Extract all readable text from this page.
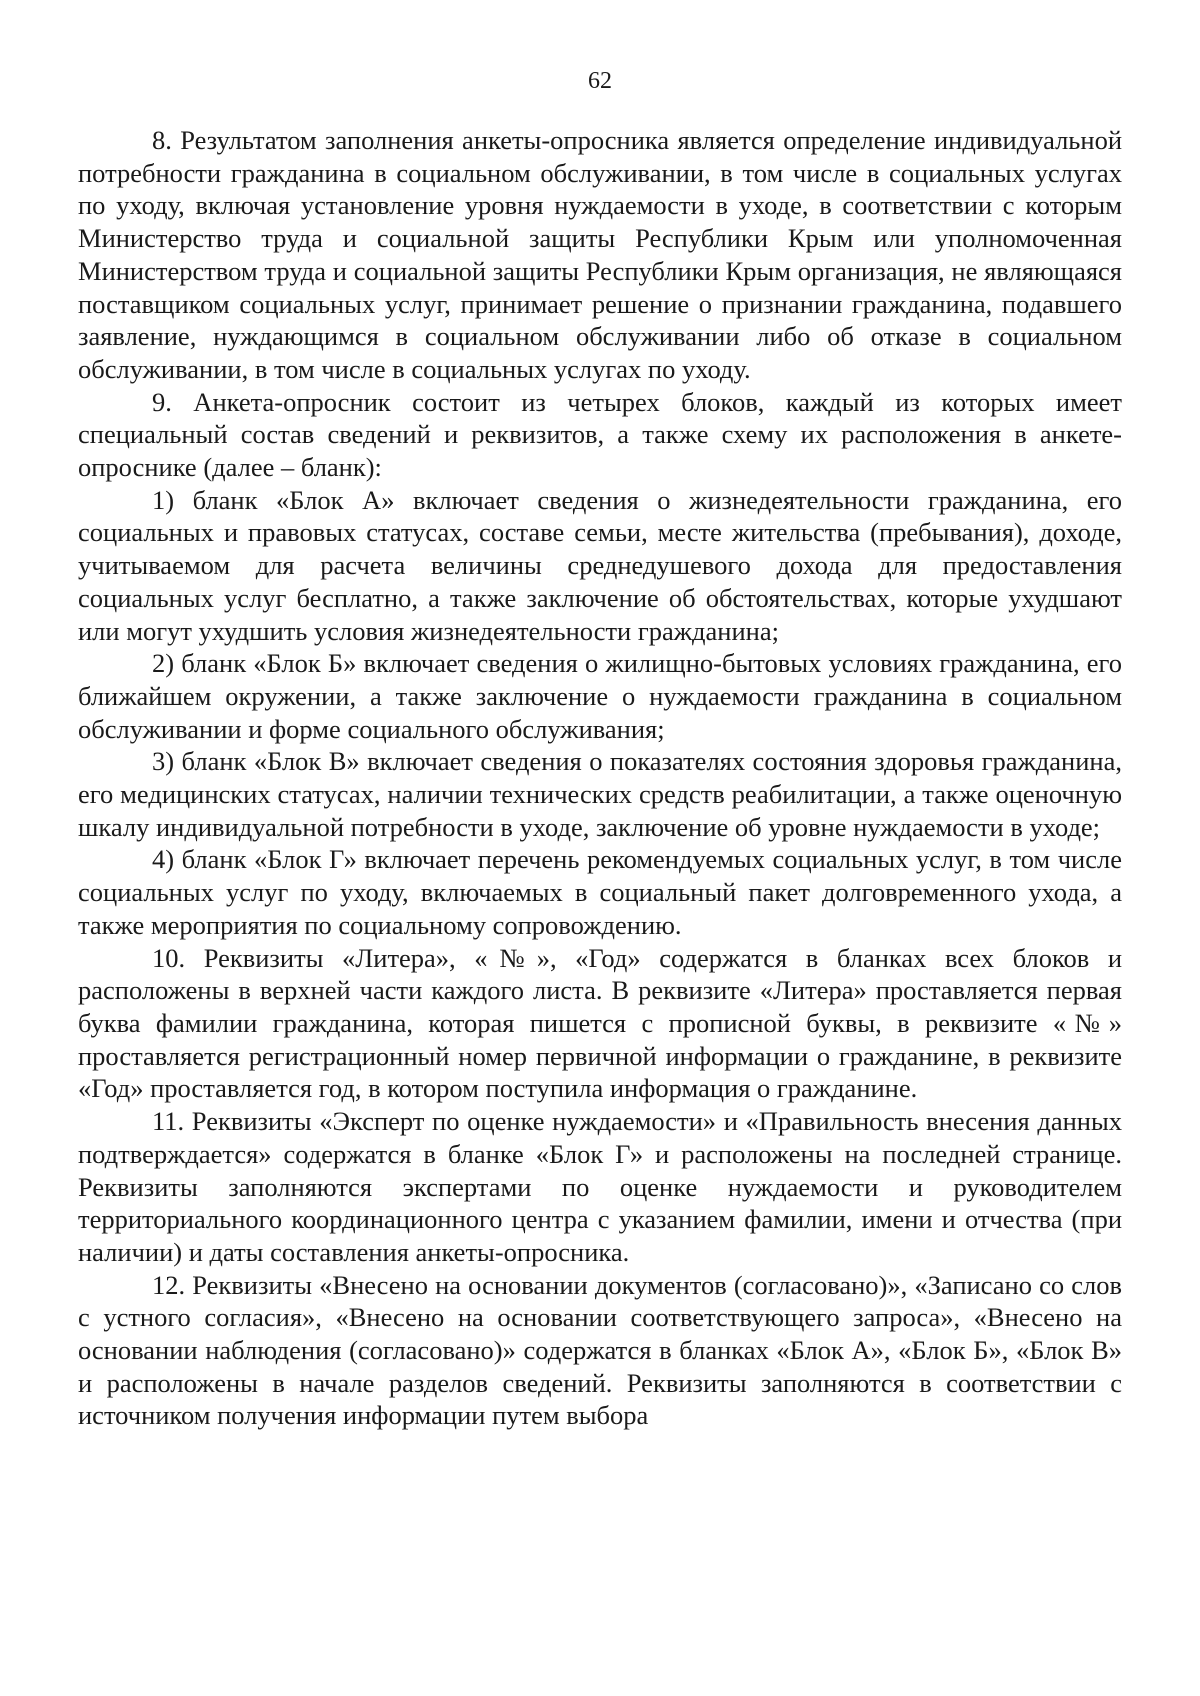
62

8. Результатом заполнения анкеты-опросника является определение индивидуальной потребности гражданина в социальном обслуживании, в том числе в социальных услугах по уходу, включая установление уровня нуждаемости в уходе, в соответствии с которым Министерство труда и социальной защиты Республики Крым или уполномоченная Министерством труда и социальной защиты Республики Крым организация, не являющаяся поставщиком социальных услуг, принимает решение о признании гражданина, подавшего заявление, нуждающимся в социальном обслуживании либо об отказе в социальном обслуживании, в том числе в социальных услугах по уходу.

9. Анкета-опросник состоит из четырех блоков, каждый из которых имеет специальный состав сведений и реквизитов, а также схему их расположения в анкете-опроснике (далее – бланк):

1) бланк «Блок А» включает сведения о жизнедеятельности гражданина, его социальных и правовых статусах, составе семьи, месте жительства (пребывания), доходе, учитываемом для расчета величины среднедушевого дохода для предоставления социальных услуг бесплатно, а также заключение об обстоятельствах, которые ухудшают или могут ухудшить условия жизнедеятельности гражданина;

2) бланк «Блок Б» включает сведения о жилищно-бытовых условиях гражданина, его ближайшем окружении, а также заключение о нуждаемости гражданина в социальном обслуживании и форме социального обслуживания;

3) бланк «Блок В» включает сведения о показателях состояния здоровья гражданина, его медицинских статусах, наличии технических средств реабилитации, а также оценочную шкалу индивидуальной потребности в уходе, заключение об уровне нуждаемости в уходе;

4) бланк «Блок Г» включает перечень рекомендуемых социальных услуг, в том числе социальных услуг по уходу, включаемых в социальный пакет долговременного ухода, а также мероприятия по социальному сопровождению.

10. Реквизиты «Литера», «№», «Год» содержатся в бланках всех блоков и расположены в верхней части каждого листа. В реквизите «Литера» проставляется первая буква фамилии гражданина, которая пишется с прописной буквы, в реквизите «№» проставляется регистрационный номер первичной информации о гражданине, в реквизите «Год» проставляется год, в котором поступила информация о гражданине.

11. Реквизиты «Эксперт по оценке нуждаемости» и «Правильность внесения данных подтверждается» содержатся в бланке «Блок Г» и расположены на последней странице. Реквизиты заполняются экспертами по оценке нуждаемости и руководителем территориального координационного центра с указанием фамилии, имени и отчества (при наличии) и даты составления анкеты-опросника.

12. Реквизиты «Внесено на основании документов (согласовано)», «Записано со слов с устного согласия», «Внесено на основании соответствующего запроса», «Внесено на основании наблюдения (согласовано)» содержатся в бланках «Блок А», «Блок Б», «Блок В» и расположены в начале разделов сведений. Реквизиты заполняются в соответствии с источником получения информации путем выбора
